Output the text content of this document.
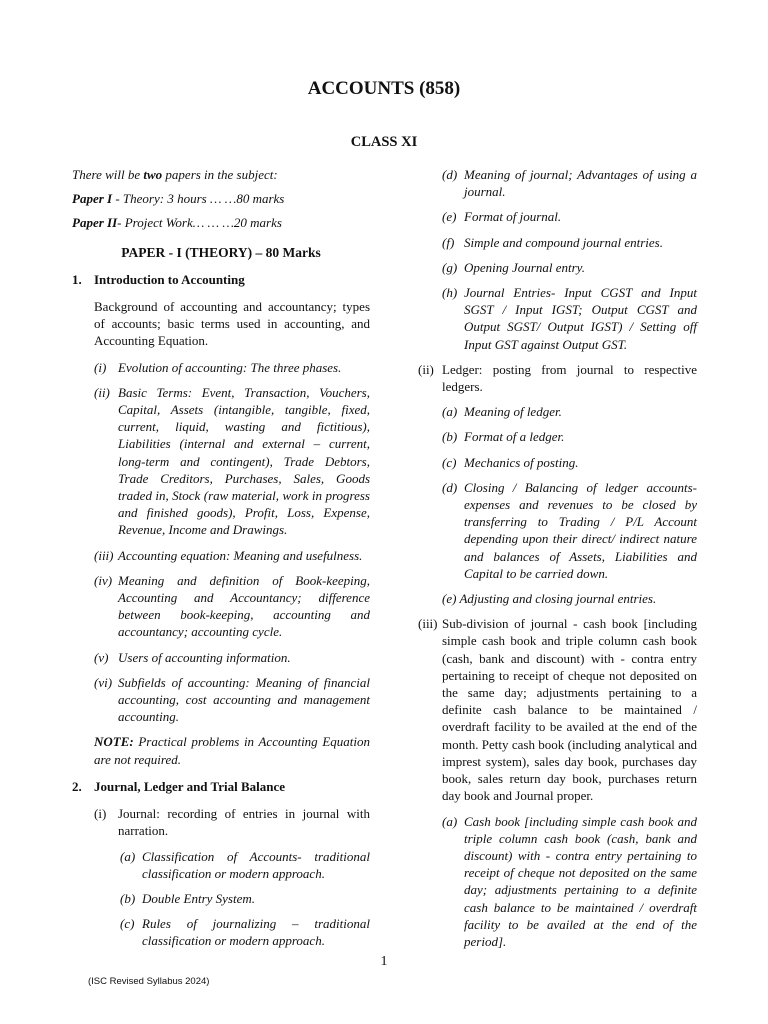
ACCOUNTS (858)
CLASS XI

There will be two papers in the subject:

Paper I - Theory: 3 hours … …80 marks

Paper II- Project Work… … …20 marks

PAPER - I (THEORY) – 80 Marks
1. Introduction to Accounting

Background of accounting and accountancy; types of accounts; basic terms used in accounting, and Accounting Equation.

(i) Evolution of accounting: The three phases.
(ii) Basic Terms: Event, Transaction, Vouchers, Capital, Assets (intangible, tangible, fixed, current, liquid, wasting and fictitious), Liabilities (internal and external – current, long-term and contingent), Trade Debtors, Trade Creditors, Purchases, Sales, Goods traded in, Stock (raw material, work in progress and finished goods), Profit, Loss, Expense, Revenue, Income and Drawings.
(iii) Accounting equation: Meaning and usefulness.
(iv) Meaning and definition of Book-keeping, Accounting and Accountancy; difference between book-keeping, accounting and accountancy; accounting cycle.
(v) Users of accounting information.
(vi) Subfields of accounting: Meaning of financial accounting, cost accounting and management accounting.

NOTE: Practical problems in Accounting Equation are not required.

2. Journal, Ledger and Trial Balance
(i) Journal: recording of entries in journal with narration.
(a) Classification of Accounts- traditional classification or modern approach.
(b) Double Entry System.
(c) Rules of journalizing – traditional classification or modern approach.
(d) Meaning of journal; Advantages of using a journal.
(e) Format of journal.
(f) Simple and compound journal entries.
(g) Opening Journal entry.
(h) Journal Entries- Input CGST and Input SGST / Input IGST; Output CGST and Output SGST/ Output IGST) / Setting off Input GST against Output GST.
(ii) Ledger: posting from journal to respective ledgers.
(a) Meaning of ledger.
(b) Format of a ledger.
(c) Mechanics of posting.
(d) Closing / Balancing of ledger accounts- expenses and revenues to be closed by transferring to Trading / P/L Account depending upon their direct/ indirect nature and balances of Assets, Liabilities and Capital to be carried down.
(e) Adjusting and closing journal entries.
(iii) Sub-division of journal - cash book [including simple cash book and triple column cash book (cash, bank and discount) with - contra entry pertaining to receipt of cheque not deposited on the same day; adjustments pertaining to a definite cash balance to be maintained / overdraft facility to be availed at the end of the month. Petty cash book (including analytical and imprest system), sales day book, purchases day book, sales return day book, purchases return day book and Journal proper.
(a) Cash book [including simple cash book and triple column cash book (cash, bank and discount) with - contra entry pertaining to receipt of cheque not deposited on the same day; adjustments pertaining to a definite cash balance to be maintained / overdraft facility to be availed at the end of the period].
1
(ISC Revised Syllabus 2024)
